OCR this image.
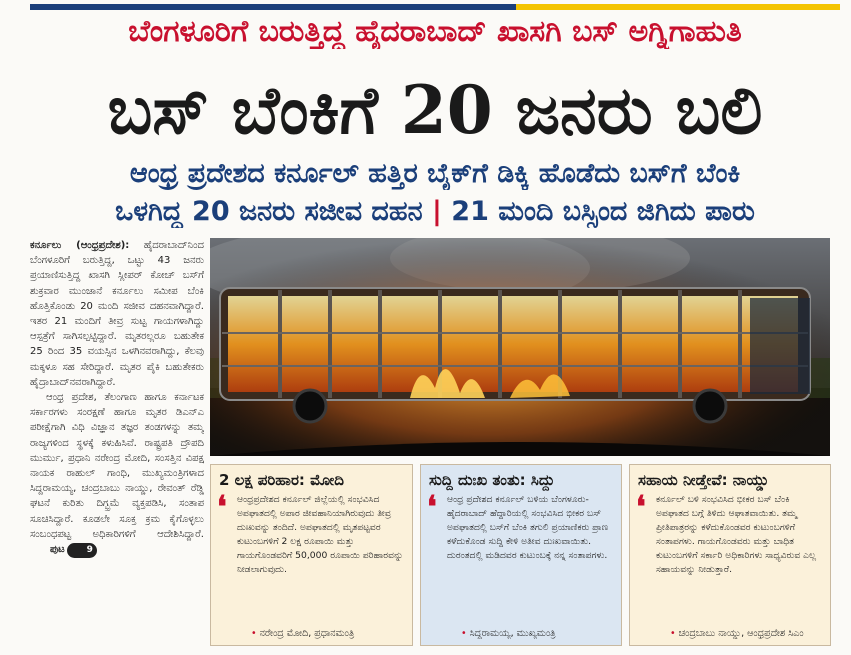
ಬೆಂಗಳೂರಿಗೆ ಬರುತ್ತಿದ್ದ ಹೈದರಾಬಾದ್ ಖಾಸಗಿ ಬಸ್ ಅಗ್ನಿಗಾಹುತಿ
ಬಸ್ ಬೆಂಕಿಗೆ 20 ಜನರು ಬಲಿ
ಆಂಧ್ರ ಪ್ರದೇಶದ ಕರ್ನೂಲ್ ಹತ್ತಿರ ಬೈಕ್‌ಗೆ ಡಿಕ್ಕಿ ಹೊಡೆದು ಬಸ್‌ಗೆ ಬೆಂಕಿ
ಒಳಗಿದ್ದ 20 ಜನರು ಸಜೀವ ದಹನ | 21 ಮಂದಿ ಬಸ್ಸಿಂದ ಜಿಗಿದು ಪಾರು

ಕರ್ನೂಲು (ಆಂಧ್ರಪ್ರದೇಶ): ಹೈದರಾಬಾದ್‌ನಿಂದ ಬೆಂಗಳೂರಿಗೆ ಬರುತ್ತಿದ್ದ, ಒಟ್ಟು 43 ಜನರು ಪ್ರಯಾಣಿಸುತ್ತಿದ್ದ ಖಾಸಗಿ ಸ್ಲೀಪರ್ ಕೋಚ್ ಬಸ್‌ಗೆ ಶುಕ್ರವಾರ ಮುಂಜಾನೆ ಕರ್ನೂಲು ಸಮೀಪ ಬೆಂಕಿ ಹೊತ್ತಿಕೊಂಡು 20 ಮಂದಿ ಸಜೀವ ದಹನವಾಗಿದ್ದಾರೆ. ಇತರ 21 ಮಂದಿಗೆ ತೀವ್ರ ಸುಟ್ಟ ಗಾಯಗಳಾಗಿದ್ದು ಆಸ್ಪತ್ರೆಗೆ ಸಾಗಿಸಲ್ಪಟ್ಟಿದ್ದಾರೆ. ಮೃತರಲ್ಲರೂ ಬಹುತೇಕ 25 ರಿಂದ 35 ವಯಸ್ಸಿನ ಒಳಗಿನವರಾಗಿದ್ದು, ಕೆಲವು ಮಕ್ಕಳೂ ಸಹ ಸೇರಿದ್ದಾರೆ. ಮೃತರ ಪೈಕಿ ಬಹುತೇಕರು ಹೈದ್ರಾಬಾದ್‌ನವರಾಗಿದ್ದಾರೆ.

ಆಂಧ್ರ ಪ್ರದೇಶ, ತೆಲಂಗಾಣ ಹಾಗೂ ಕರ್ನಾಟಕ ಸರ್ಕಾರಗಳು ಸಂರಕ್ಷಣೆ ಹಾಗೂ ಮೃತರ ಡಿಎನ್‌ಎ ಪರೀಕ್ಷೆಗಾಗಿ ವಿಧಿ ವಿಜ್ಞಾನ ತಜ್ಞರ ತಂಡಗಳನ್ನು ತಮ್ಮ ರಾಜ್ಯಗಳಿಂದ ಸ್ಥಳಕ್ಕೆ ಕಳುಹಿಸಿವೆ. ರಾಷ್ಟ್ರಪತಿ ದ್ರೌಪದಿ ಮುರ್ಮು, ಪ್ರಧಾನಿ ನರೇಂದ್ರ ಮೋದಿ, ಸಂಸತ್ತಿನ ವಿಪಕ್ಷ ನಾಯಕ ರಾಹುಲ್ ಗಾಂಧಿ, ಮುಖ್ಯಮಂತ್ರಿಗಳಾದ ಸಿದ್ದರಾಮಯ್ಯ, ಚಂದ್ರಬಾಬು ನಾಯ್ಡು, ರೇವಂತ್ ರೆಡ್ಡಿ ಘಟನೆ ಕುರಿತು ದಿಗ್ಭ್ರಮೆ ವ್ಯಕ್ತಪಡಿಸಿ, ಸಂತಾಪ ಸೂಚಿಸಿದ್ದಾರೆ. ಕೂಡಲೇ ಸೂಕ್ತ ಕ್ರಮ ಕೈಗೊಳ್ಳಲು ಸಂಬಂಧಪಟ್ಟ ಅಧಿಕಾರಿಗಳಿಗೆ ಆದೇಶಿಸಿದ್ದಾರೆ. ಪುಟ 9

2 ಲಕ್ಷ ಪರಿಹಾರ: ಮೋದಿ
❛ ಆಂಧ್ರಪ್ರದೇಶದ ಕರ್ನೂಲ್ ಜಿಲ್ಲೆಯಲ್ಲಿ ಸಂಭವಿಸಿದ ಅಪಘಾತದಲ್ಲಿ ಅಪಾರ ಜೀವಹಾನಿಯಾಗಿರುವುದು ತೀವ್ರ ದುಃಖವನ್ನು ತಂದಿದೆ. ಅಪಘಾತದಲ್ಲಿ ಮೃತಪಟ್ಟವರ ಕುಟುಂಬಗಳಿಗೆ 2 ಲಕ್ಷ ರೂಪಾಯಿ ಮತ್ತು ಗಾಯಗೊಂಡವರಿಗೆ 50,000 ರೂಪಾಯಿ ಪರಿಹಾರವನ್ನು ನೀಡಲಾಗುವುದು.
• ನರೇಂದ್ರ ಮೋದಿ, ಪ್ರಧಾನಮಂತ್ರಿ
ಸುದ್ದಿ ದುಃಖ ತಂತು: ಸಿದ್ದು
❛ ಆಂಧ್ರ ಪ್ರದೇಶದ ಕರ್ನೂಲ್ ಬಳಿಯ ಬೆಂಗಳೂರು-ಹೈದರಾಬಾದ್ ಹೆದ್ದಾರಿಯಲ್ಲಿ ಸಂಭವಿಸಿದ ಭೀಕರ ಬಸ್ ಅಪಘಾತದಲ್ಲಿ ಬಸ್‌ಗೆ ಬೆಂಕಿ ತಗುಲಿ ಪ್ರಯಾಣಿಕರು ಪ್ರಾಣ ಕಳೆದುಕೊಂಡ ಸುದ್ದಿ ಕೇಳಿ ಅತೀವ ದುಃಖವಾಯಿತು. ದುರಂತದಲ್ಲಿ ಮಡಿದವರ ಕುಟುಂಬಕ್ಕೆ ನನ್ನ ಸಂತಾಪಗಳು.
• ಸಿದ್ದರಾಮಯ್ಯ, ಮುಖ್ಯಮಂತ್ರಿ
ಸಹಾಯ ನೀಡ್ತೇವೆ: ನಾಯ್ಡು
❛ ಕರ್ನೂಲ್ ಬಳಿ ಸಂಭವಿಸಿದ ಭೀಕರ ಬಸ್ ಬೆಂಕಿ ಅಪಘಾತದ ಬಗ್ಗೆ ತಿಳಿದು ಆಘಾತವಾಯಿತು. ತಮ್ಮ ಪ್ರೀತಿಪಾತ್ರರನ್ನು ಕಳೆದುಕೊಂಡವರ ಕುಟುಂಬಗಳಿಗೆ ಸಂತಾಪಗಳು. ಗಾಯಗೊಂಡವರು ಮತ್ತು ಬಾಧಿತ ಕುಟುಂಬಗಳಿಗೆ ಸರ್ಕಾರಿ ಅಧಿಕಾರಿಗಳು ಸಾಧ್ಯವಿರುವ ಎಲ್ಲ ಸಹಾಯವನ್ನು ನೀಡುತ್ತಾರೆ.
• ಚಂದ್ರಬಾಬು ನಾಯ್ಡು, ಆಂಧ್ರಪ್ರದೇಶ ಸಿಎಂ
